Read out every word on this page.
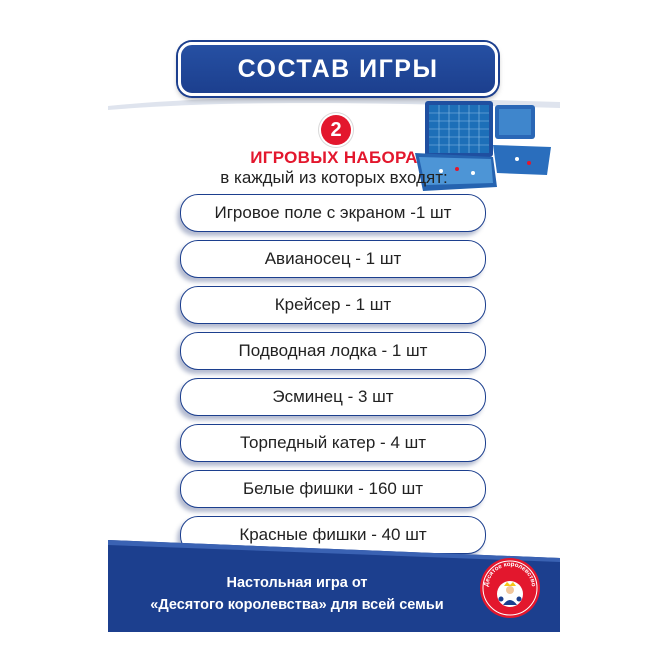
СОСТАВ ИГРЫ
2
ИГРОВЫХ НАБОРА
в каждый из которых входят:
Игровое поле с экраном -1 шт
Авианосец - 1 шт
Крейсер - 1 шт
Подводная лодка - 1 шт
Эсминец - 3 шт
Торпедный катер - 4 шт
Белые фишки - 160 шт
Красные фишки - 40 шт
Настольная игра от
«Десятого королевства» для всей семьи
Десятое королевство
